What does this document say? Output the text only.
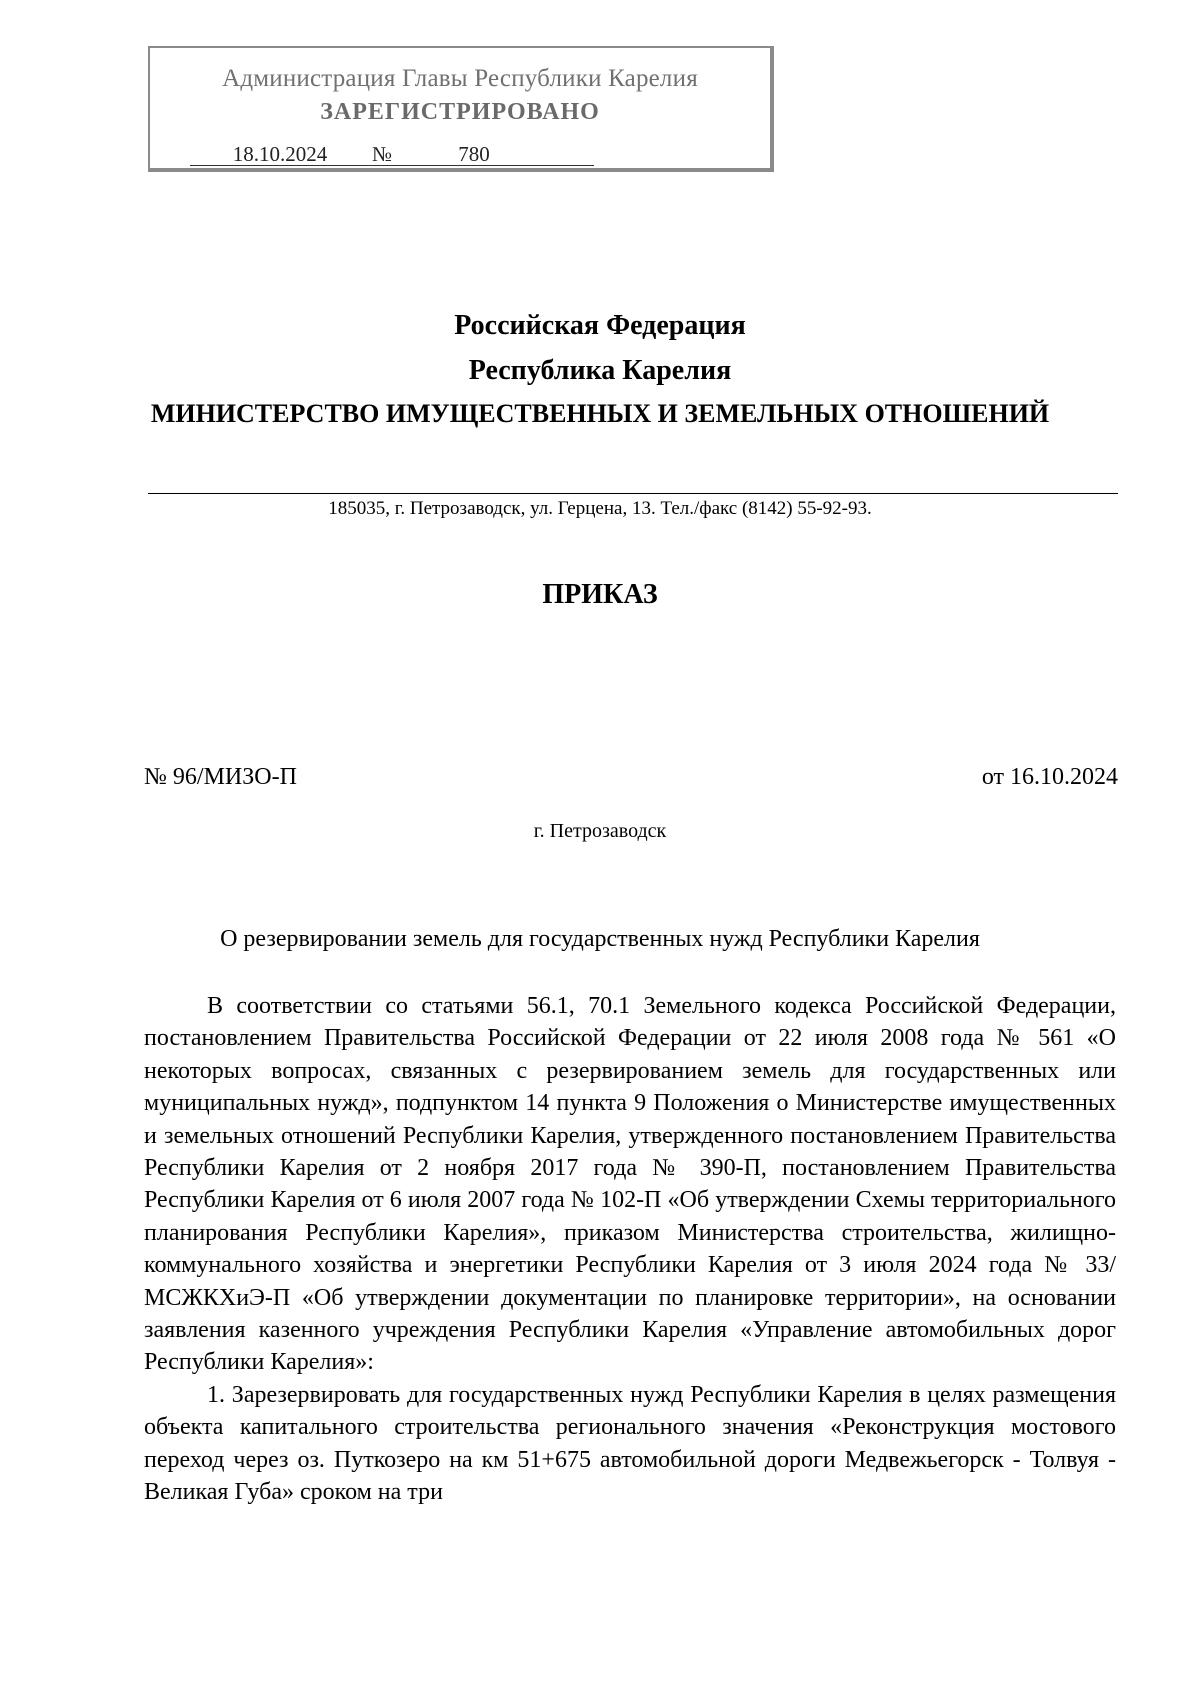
Администрация Главы Республики Карелия
ЗАРЕГИСТРИРОВАНО
18.10.2024 №	780
Российская Федерация
Республика Карелия
МИНИСТЕРСТВО ИМУЩЕСТВЕННЫХ И ЗЕМЕЛЬНЫХ ОТНОШЕНИЙ
185035, г. Петрозаводск, ул. Герцена, 13. Тел./факс (8142) 55-92-93.
ПРИКАЗ
№ 96/МИЗО-П	от 16.10.2024
г. Петрозаводск
О резервировании земель для государственных нужд Республики Карелия

В соответствии со статьями 56.1, 70.1 Земельного кодекса Российской Федерации, постановлением Правительства Российской Федерации от 22 июля 2008 года № 561 «О некоторых вопросах, связанных с резервированием земель для государственных или муниципальных нужд», подпунктом 14 пункта 9 Положения о Министерстве имущественных и земельных отношений Республики Карелия, утвержденного постановлением Правительства Республики Карелия от 2 ноября 2017 года № 390-П, постановлением Правительства Республики Карелия от 6 июля 2007 года № 102-П «Об утверждении Схемы территориального планирования Республики Карелия», приказом Министерства строительства, жилищно-коммунального хозяйства и энергетики Республики Карелия от 3 июля 2024 года № 33/МСЖКХиЭ-П «Об утверждении документации по планировке территории», на основании заявления казенного учреждения Республики Карелия «Управление автомобильных дорог Республики Карелия»:

1. Зарезервировать для государственных нужд Республики Карелия в целях размещения объекта капитального строительства регионального значения «Реконструкция мостового переход через оз. Путкозеро на км 51+675 автомобильной дороги Медвежьегорск - Толвуя - Великая Губа» сроком на три
